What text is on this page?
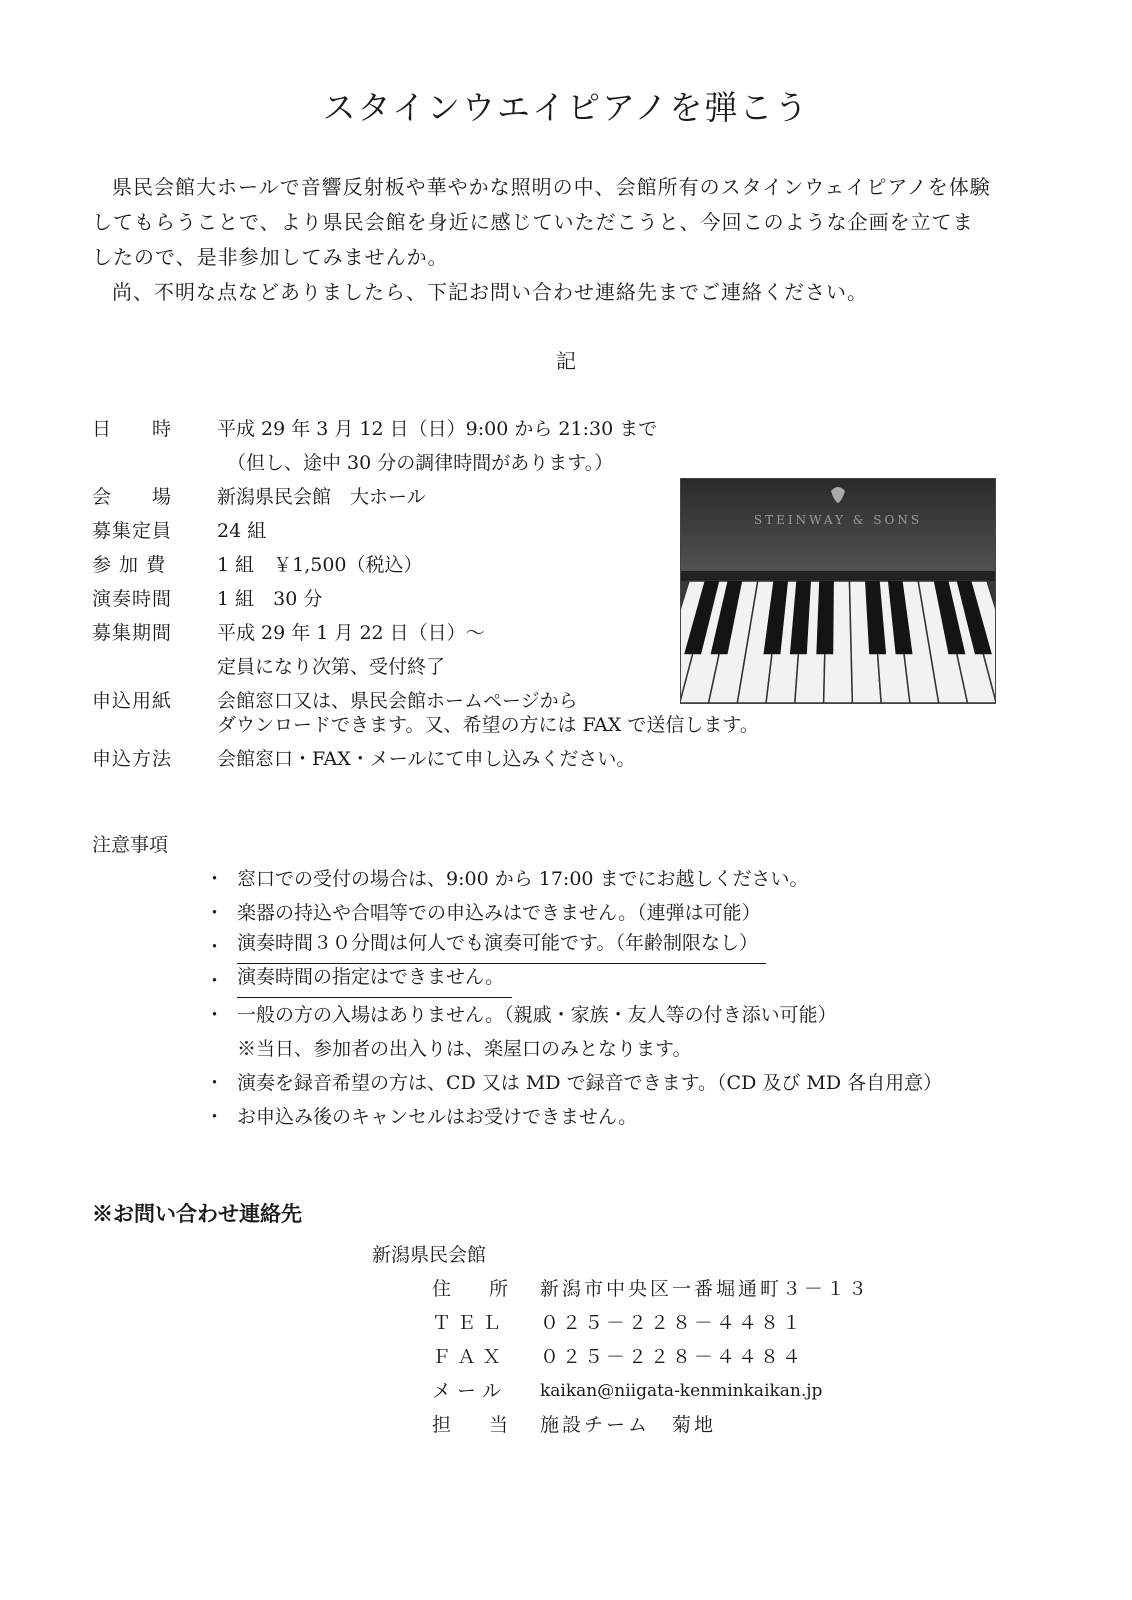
スタインウエイピアノを弾こう

県民会館大ホールで音響反射板や華やかな照明の中、会館所有のスタインウェイピアノを体験してもらうことで、より県民会館を身近に感じていただこうと、今回このような企画を立てましたので、是非参加してみませんか。

尚、不明な点などありましたら、下記お問い合わせ連絡先までご連絡ください。

記
日　　時	平成 29 年 3 月 12 日（日）9:00 から 21:30 まで
（但し、途中 30 分の調律時間があります。）
会　　場	新潟県民会館　大ホール
募集定員	24 組
参 加 費	1 組　￥1,500（税込）
演奏時間	1 組　30 分
募集期間	平成 29 年 1 月 22 日（日）～
定員になり次第、受付終了
申込用紙	会館窓口又は、県民会館ホームページから
ダウンロードできます。又、希望の方には FAX で送信します。
申込方法	会館窓口・FAX・メールにて申し込みください。
STEINWAY & SONS
注意事項
・ 窓口での受付の場合は、9:00 から 17:00 までにお越しください。
・ 楽器の持込や合唱等での申込みはできません。（連弾は可能）
・ 演奏時間３０分間は何人でも演奏可能です。（年齢制限なし）
・ 演奏時間の指定はできません。
・ 一般の方の入場はありません。（親戚・家族・友人等の付き添い可能）
※当日、参加者の出入りは、楽屋口のみとなります。
・ 演奏を録音希望の方は、CD 又は MD で録音できます。（CD 及び MD 各自用意）
・ お申込み後のキャンセルはお受けできません。
※お問い合わせ連絡先
新潟県民会館
住　　所	新潟市中央区一番堀通町３－１３
Ｔ Ｅ Ｌ	０２５－２２８－４４８１
Ｆ Ａ Ｘ	０２５－２２８－４４８４
メ ー ル	kaikan@niigata-kenminkaikan.jp
担　　当	施設チーム　菊地
